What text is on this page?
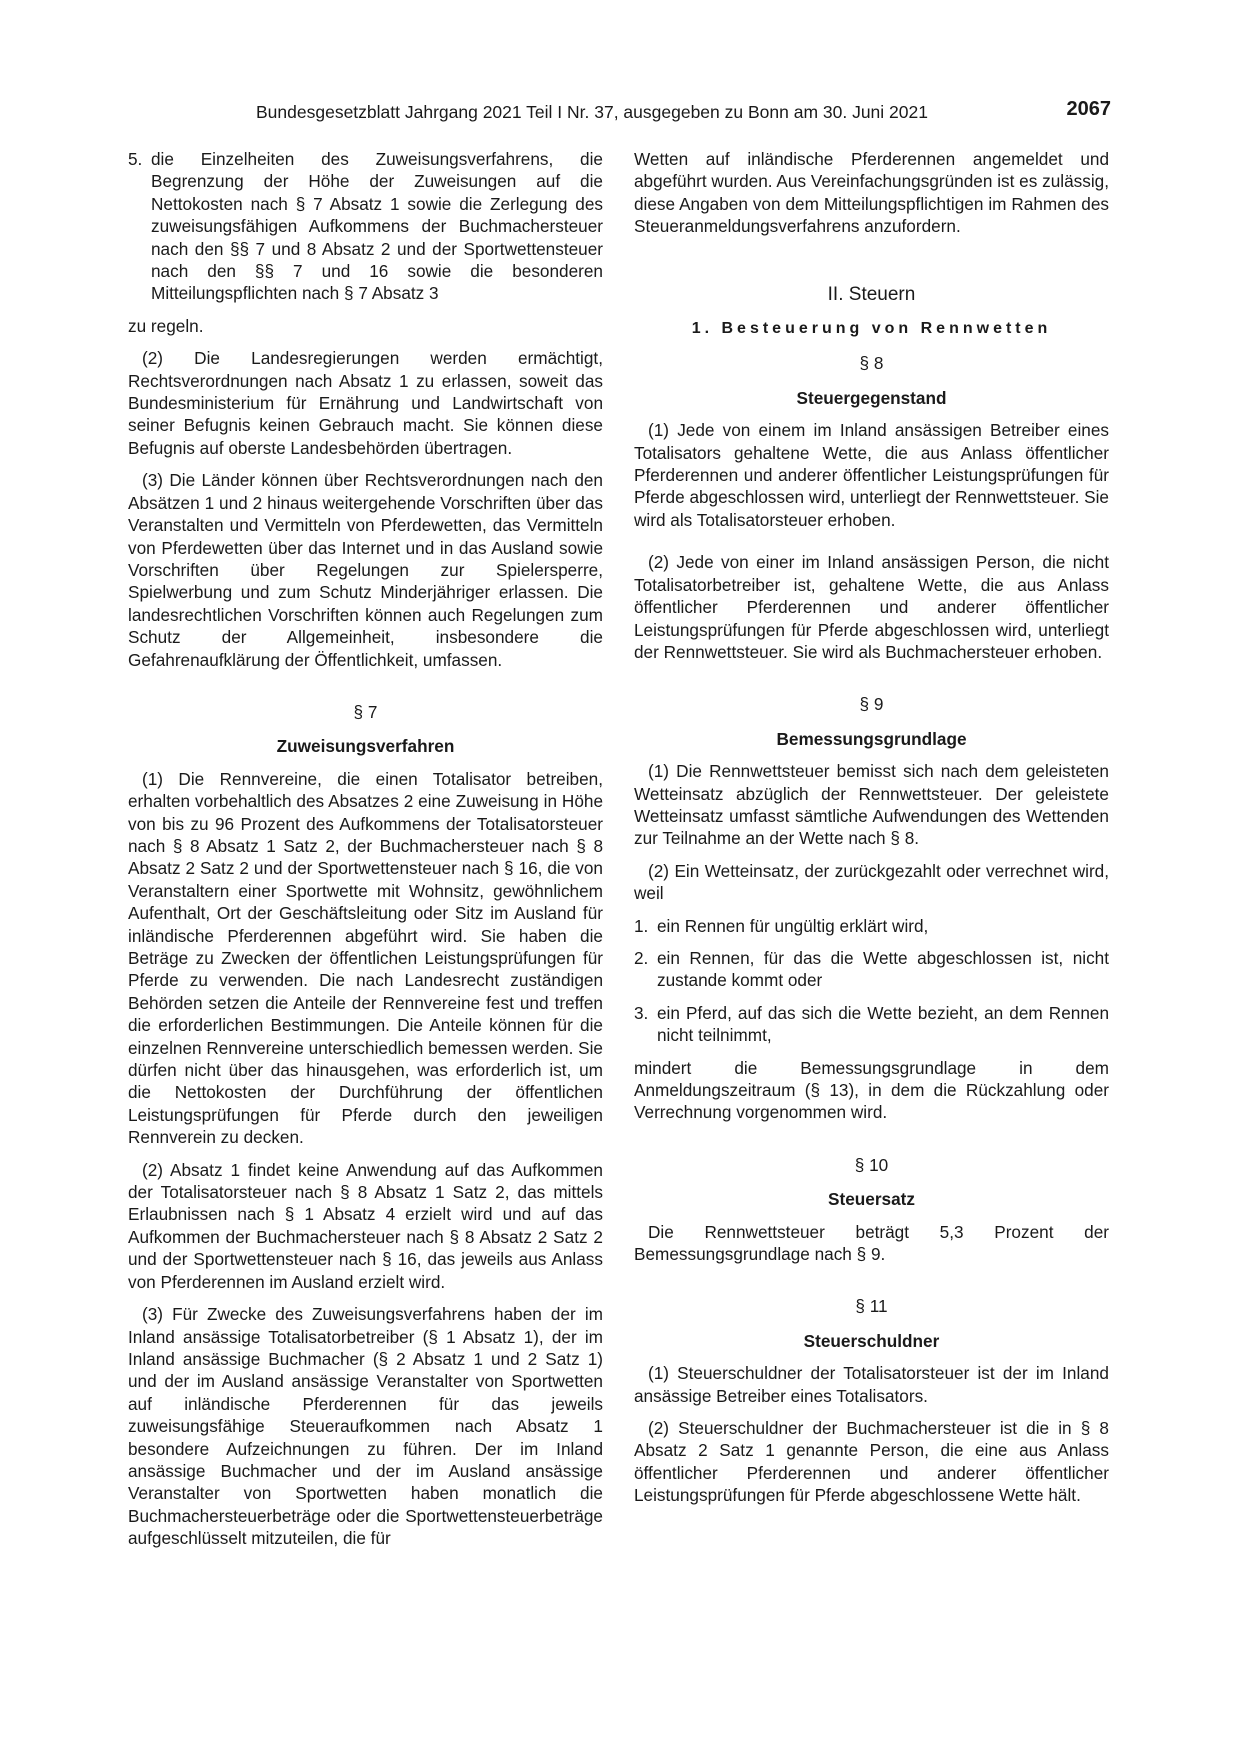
Bundesgesetzblatt Jahrgang 2021 Teil I Nr. 37, ausgegeben zu Bonn am 30. Juni 2021	2067
5. die Einzelheiten des Zuweisungsverfahrens, die Begrenzung der Höhe der Zuweisungen auf die Nettokosten nach § 7 Absatz 1 sowie die Zerlegung des zuweisungsfähigen Aufkommens der Buchmachersteuer nach den §§ 7 und 8 Absatz 2 und der Sportwettensteuer nach den §§ 7 und 16 sowie die besonderen Mitteilungspflichten nach § 7 Absatz 3

zu regeln.

(2) Die Landesregierungen werden ermächtigt, Rechtsverordnungen nach Absatz 1 zu erlassen, soweit das Bundesministerium für Ernährung und Landwirtschaft von seiner Befugnis keinen Gebrauch macht. Sie können diese Befugnis auf oberste Landesbehörden übertragen.

(3) Die Länder können über Rechtsverordnungen nach den Absätzen 1 und 2 hinaus weitergehende Vorschriften über das Veranstalten und Vermitteln von Pferdewetten, das Vermitteln von Pferdewetten über das Internet und in das Ausland sowie Vorschriften über Regelungen zur Spielersperre, Spielwerbung und zum Schutz Minderjähriger erlassen. Die landesrechtlichen Vorschriften können auch Regelungen zum Schutz der Allgemeinheit, insbesondere die Gefahrenaufklärung der Öffentlichkeit, umfassen.

§ 7

Zuweisungsverfahren

(1) Die Rennvereine, die einen Totalisator betreiben, erhalten vorbehaltlich des Absatzes 2 eine Zuweisung in Höhe von bis zu 96 Prozent des Aufkommens der Totalisatorsteuer nach § 8 Absatz 1 Satz 2, der Buchmachersteuer nach § 8 Absatz 2 Satz 2 und der Sportwettensteuer nach § 16, die von Veranstaltern einer Sportwette mit Wohnsitz, gewöhnlichem Aufenthalt, Ort der Geschäftsleitung oder Sitz im Ausland für inländische Pferderennen abgeführt wird. Sie haben die Beträge zu Zwecken der öffentlichen Leistungsprüfungen für Pferde zu verwenden. Die nach Landesrecht zuständigen Behörden setzen die Anteile der Rennvereine fest und treffen die erforderlichen Bestimmungen. Die Anteile können für die einzelnen Rennvereine unterschiedlich bemessen werden. Sie dürfen nicht über das hinausgehen, was erforderlich ist, um die Nettokosten der Durchführung der öffentlichen Leistungsprüfungen für Pferde durch den jeweiligen Rennverein zu decken.

(2) Absatz 1 findet keine Anwendung auf das Aufkommen der Totalisatorsteuer nach § 8 Absatz 1 Satz 2, das mittels Erlaubnissen nach § 1 Absatz 4 erzielt wird und auf das Aufkommen der Buchmachersteuer nach § 8 Absatz 2 Satz 2 und der Sportwettensteuer nach § 16, das jeweils aus Anlass von Pferderennen im Ausland erzielt wird.

(3) Für Zwecke des Zuweisungsverfahrens haben der im Inland ansässige Totalisatorbetreiber (§ 1 Absatz 1), der im Inland ansässige Buchmacher (§ 2 Absatz 1 und 2 Satz 1) und der im Ausland ansässige Veranstalter von Sportwetten auf inländische Pferderennen für das jeweils zuweisungsfähige Steueraufkommen nach Absatz 1 besondere Aufzeichnungen zu führen. Der im Inland ansässige Buchmacher und der im Ausland ansässige Veranstalter von Sportwetten haben monatlich die Buchmachersteuerbeträge oder die Sportwettensteuerbeträge aufgeschlüsselt mitzuteilen, die für

Wetten auf inländische Pferderennen angemeldet und abgeführt wurden. Aus Vereinfachungsgründen ist es zulässig, diese Angaben von dem Mitteilungspflichtigen im Rahmen des Steueranmeldungsverfahrens anzufordern.

II. Steuern

1. Besteuerung von Rennwetten

§ 8

Steuergegenstand

(1) Jede von einem im Inland ansässigen Betreiber eines Totalisators gehaltene Wette, die aus Anlass öffentlicher Pferderennen und anderer öffentlicher Leistungsprüfungen für Pferde abgeschlossen wird, unterliegt der Rennwettsteuer. Sie wird als Totalisatorsteuer erhoben.

(2) Jede von einer im Inland ansässigen Person, die nicht Totalisatorbetreiber ist, gehaltene Wette, die aus Anlass öffentlicher Pferderennen und anderer öffentlicher Leistungsprüfungen für Pferde abgeschlossen wird, unterliegt der Rennwettsteuer. Sie wird als Buchmachersteuer erhoben.

§ 9

Bemessungsgrundlage

(1) Die Rennwettsteuer bemisst sich nach dem geleisteten Wetteinsatz abzüglich der Rennwettsteuer. Der geleistete Wetteinsatz umfasst sämtliche Aufwendungen des Wettenden zur Teilnahme an der Wette nach § 8.

(2) Ein Wetteinsatz, der zurückgezahlt oder verrechnet wird, weil

1. ein Rennen für ungültig erklärt wird,
2. ein Rennen, für das die Wette abgeschlossen ist, nicht zustande kommt oder
3. ein Pferd, auf das sich die Wette bezieht, an dem Rennen nicht teilnimmt,

mindert die Bemessungsgrundlage in dem Anmeldungszeitraum (§ 13), in dem die Rückzahlung oder Verrechnung vorgenommen wird.

§ 10

Steuersatz

Die Rennwettsteuer beträgt 5,3 Prozent der Bemessungsgrundlage nach § 9.

§ 11

Steuerschuldner

(1) Steuerschuldner der Totalisatorsteuer ist der im Inland ansässige Betreiber eines Totalisators.

(2) Steuerschuldner der Buchmachersteuer ist die in § 8 Absatz 2 Satz 1 genannte Person, die eine aus Anlass öffentlicher Pferderennen und anderer öffentlicher Leistungsprüfungen für Pferde abgeschlossene Wette hält.
